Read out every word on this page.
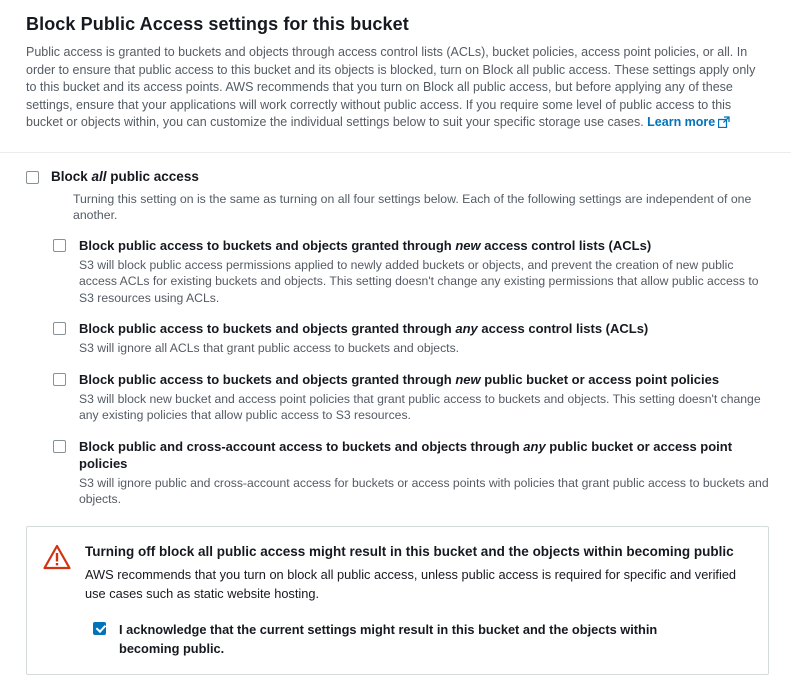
Block Public Access settings for this bucket

Public access is granted to buckets and objects through access control lists (ACLs), bucket policies, access point policies, or all. In order to ensure that public access to this bucket and its objects is blocked, turn on Block all public access. These settings apply only to this bucket and its access points. AWS recommends that you turn on Block all public access, but before applying any of these settings, ensure that your applications will work correctly without public access. If you require some level of public access to this bucket or objects within, you can customize the individual settings below to suit your specific storage use cases. Learn more

Block all public access
Turning this setting on is the same as turning on all four settings below. Each of the following settings are independent of one another.
Block public access to buckets and objects granted through new access control lists (ACLs)
S3 will block public access permissions applied to newly added buckets or objects, and prevent the creation of new public access ACLs for existing buckets and objects. This setting doesn't change any existing permissions that allow public access to S3 resources using ACLs.
Block public access to buckets and objects granted through any access control lists (ACLs)
S3 will ignore all ACLs that grant public access to buckets and objects.
Block public access to buckets and objects granted through new public bucket or access point policies
S3 will block new bucket and access point policies that grant public access to buckets and objects. This setting doesn't change any existing policies that allow public access to S3 resources.
Block public and cross-account access to buckets and objects through any public bucket or access point policies
S3 will ignore public and cross-account access for buckets or access points with policies that grant public access to buckets and objects.
Turning off block all public access might result in this bucket and the objects within becoming public
AWS recommends that you turn on block all public access, unless public access is required for specific and verified use cases such as static website hosting.
I acknowledge that the current settings might result in this bucket and the objects within becoming public.
